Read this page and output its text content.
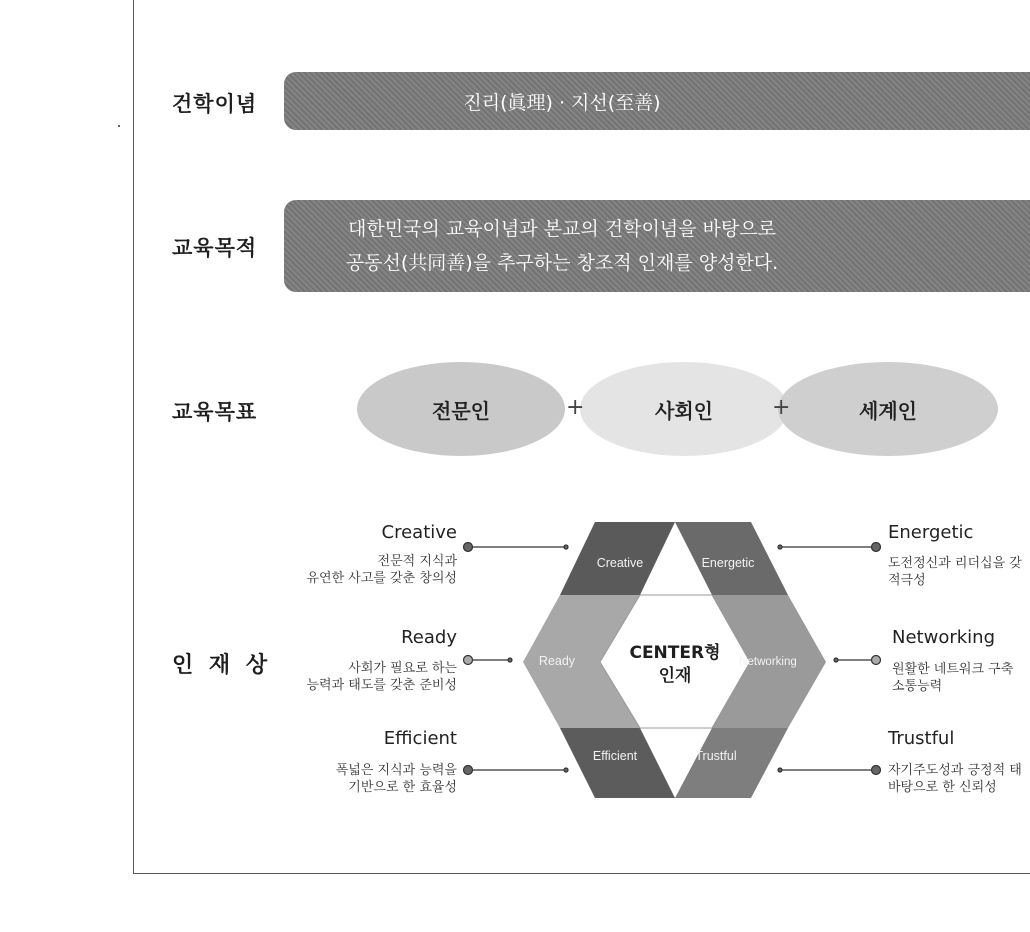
건학이념	진리(眞理) · 지선(至善)
교육목적
대한민국의 교육이념과 본교의 건학이념을 바탕으로
공동선(共同善)을 추구하는 창조적 인재를 양성한다.
교육목표	전문인	사회인	세계인
+	+
인 재 상
Creative	Energetic
Networking
Trustful
Efficient
Ready	CENTER형
인재
Creative
전문적 지식과
유연한 사고를 갖춘 창의성
Ready
사회가 필요로 하는
능력과 태도를 갖춘 준비성
Efficient
폭넓은 지식과 능력을
기반으로 한 효율성
Energetic
도전정신과 리더십을 갖
적극성
Networking
원활한 네트워크 구축
소통능력
Trustful
자기주도성과 긍정적 태
바탕으로 한 신뢰성
